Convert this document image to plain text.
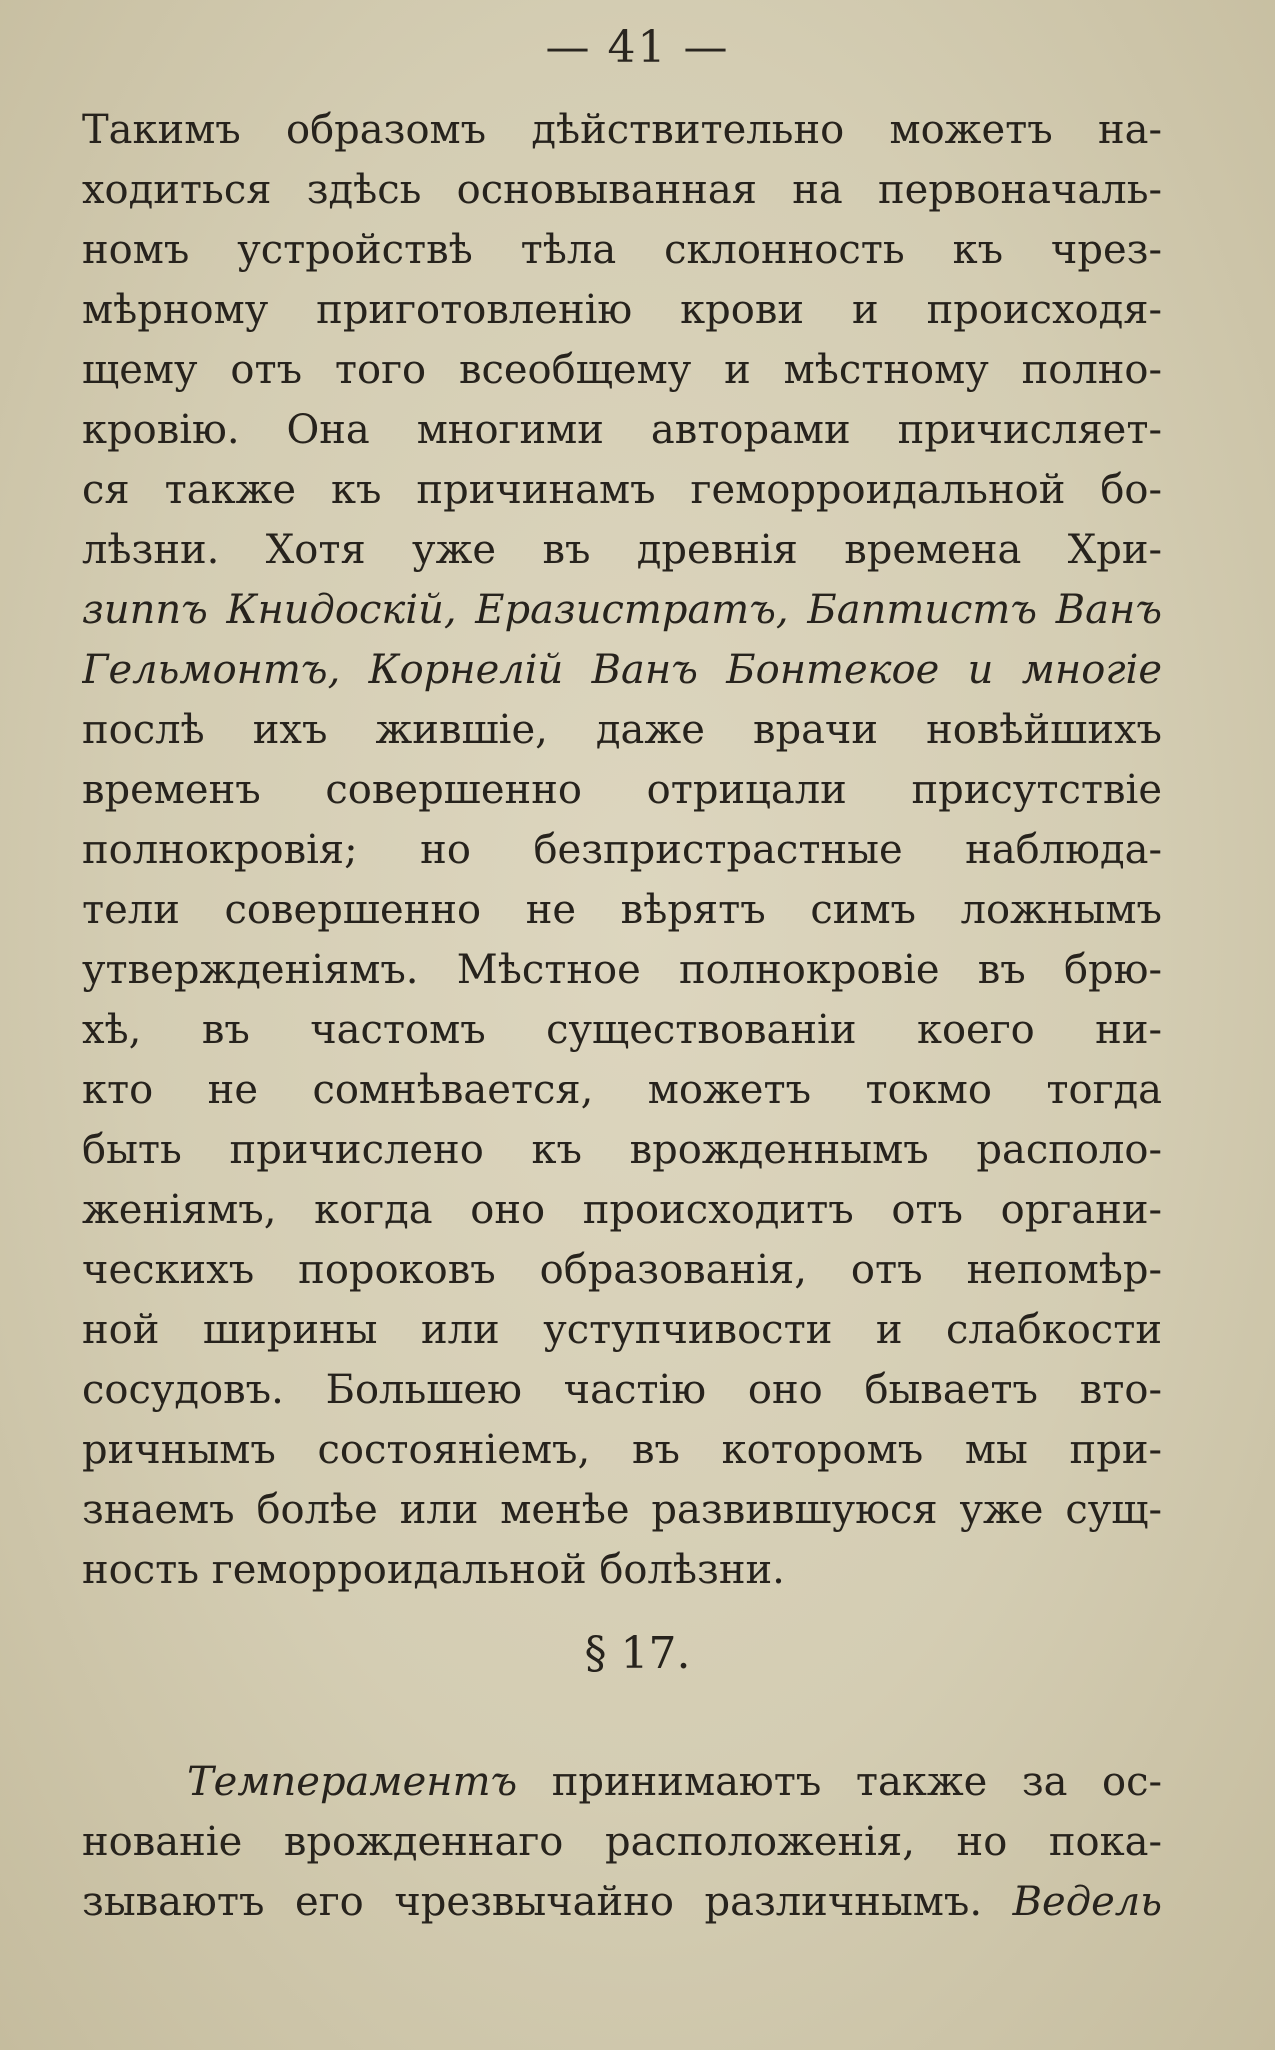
— 41 —
Такимъ образомъ дѣйствительно можетъ на-
ходиться здѣсь основыванная на первоначаль-
номъ устройствѣ тѣла склонность къ чрез-
мѣрному приготовленію крови и происходя-
щему отъ того всеобщему и мѣстному полно-
кровію. Она многими авторами причисляет-
ся также къ причинамъ геморроидальной бо-
лѣзни. Хотя уже въ древнія времена Хри-
зиппъ Книдоскій, Еразистратъ, Баптистъ Ванъ
Гельмонтъ, Корнелій Ванъ Бонтекое и многіе
послѣ ихъ жившіе, даже врачи новѣйшихъ
временъ совершенно отрицали присутствіе
полнокровія; но безпристрастные наблюда-
тели совершенно не вѣрятъ симъ ложнымъ
утвержденіямъ. Мѣстное полнокровіе въ брю-
хѣ, въ частомъ существованіи коего ни-
кто не сомнѣвается, можетъ токмо тогда
быть причислено къ врожденнымъ располо-
женіямъ, когда оно происходитъ отъ органи-
ческихъ пороковъ образованія, отъ непомѣр-
ной ширины или уступчивости и слабкости
сосудовъ. Большею частію оно бываетъ вто-
ричнымъ состояніемъ, въ которомъ мы при-
знаемъ болѣе или менѣе развившуюся уже сущ-
ность геморроидальной болѣзни.
§ 17.
Темпераментъ принимаютъ также за ос-
нованіе врожденнаго расположенія, но пока-
зываютъ его чрезвычайно различнымъ. Ведель
